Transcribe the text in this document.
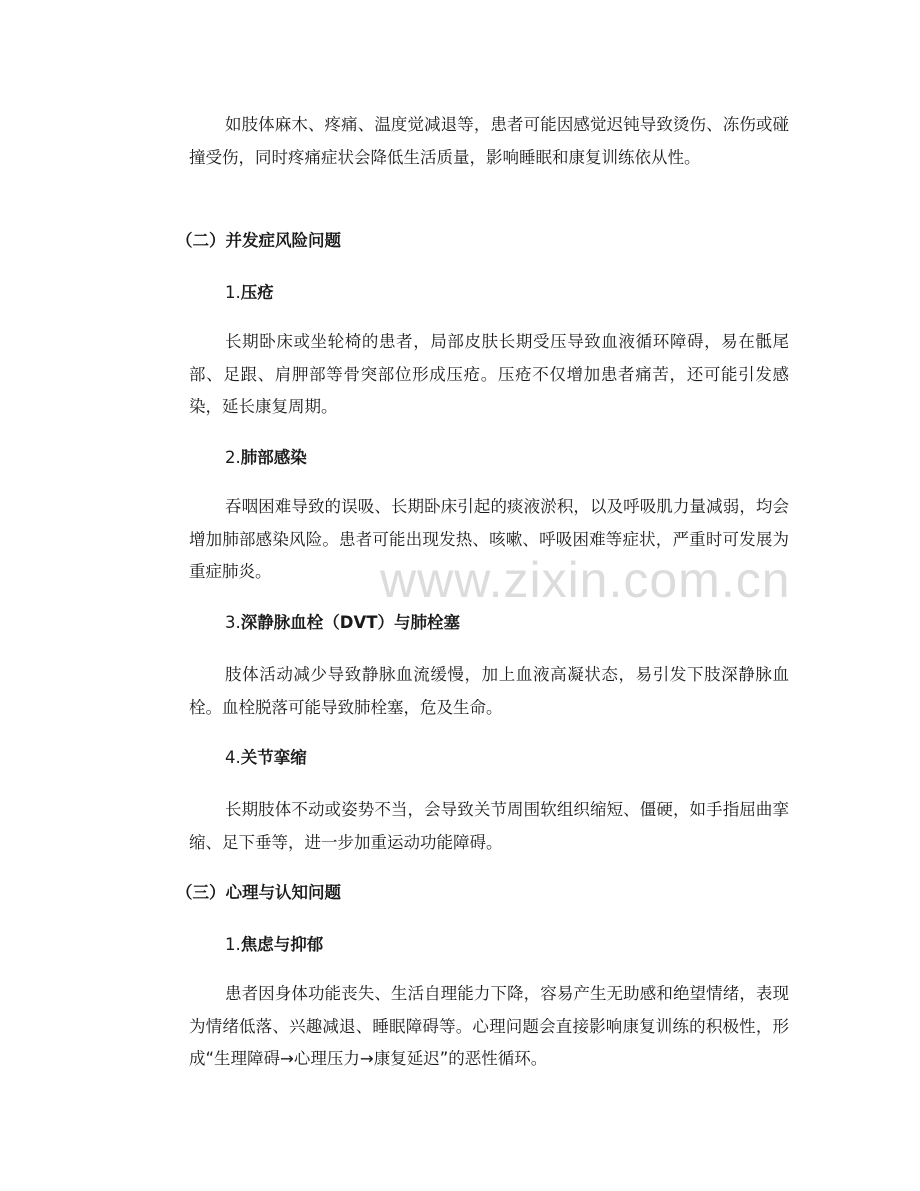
如肢体麻木、疼痛、温度觉减退等，患者可能因感觉迟钝导致烫伤、冻伤或碰撞受伤，同时疼痛症状会降低生活质量，影响睡眠和康复训练依从性。

（二）并发症风险问题
1.压疮

长期卧床或坐轮椅的患者，局部皮肤长期受压导致血液循环障碍，易在骶尾部、足跟、肩胛部等骨突部位形成压疮。压疮不仅增加患者痛苦，还可能引发感染，延长康复周期。

2.肺部感染

吞咽困难导致的误吸、长期卧床引起的痰液淤积，以及呼吸肌力量减弱，均会增加肺部感染风险。患者可能出现发热、咳嗽、呼吸困难等症状，严重时可发展为重症肺炎。

3.深静脉血栓（DVT）与肺栓塞

肢体活动减少导致静脉血流缓慢，加上血液高凝状态，易引发下肢深静脉血栓。血栓脱落可能导致肺栓塞，危及生命。

4.关节挛缩

长期肢体不动或姿势不当，会导致关节周围软组织缩短、僵硬，如手指屈曲挛缩、足下垂等，进一步加重运动功能障碍。

（三）心理与认知问题
1.焦虑与抑郁

患者因身体功能丧失、生活自理能力下降，容易产生无助感和绝望情绪，表现为情绪低落、兴趣减退、睡眠障碍等。心理问题会直接影响康复训练的积极性，形成“生理障碍→心理压力→康复延迟”的恶性循环。

www.zixin.com.cn
